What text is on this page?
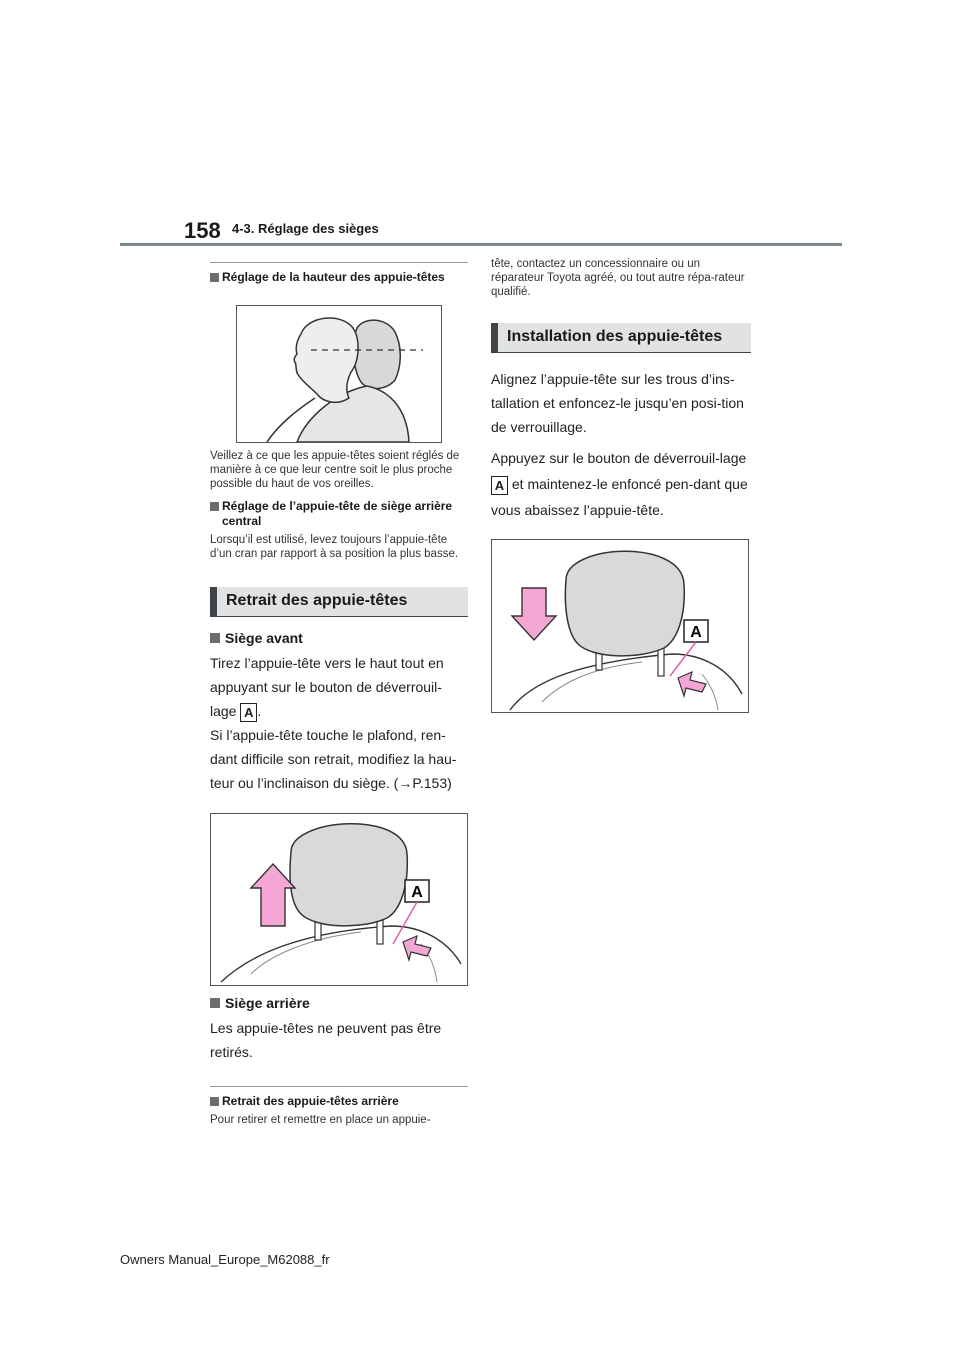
158 4-3. Réglage des sièges
Réglage de la hauteur des appuie-têtes
Veillez à ce que les appuie-têtes soient réglés de manière à ce que leur centre soit le plus proche possible du haut de vos oreilles.
Réglage de l’appuie-tête de siège arrière central
Lorsqu’il est utilisé, levez toujours l’appuie-tête d’un cran par rapport à sa position la plus basse.
Retrait des appuie-têtes
Siège avant
Tirez l’appuie-tête vers le haut tout en appuyant sur le bouton de déverrouil-lage A .
Si l’appuie-tête touche le plafond, ren-dant difficile son retrait, modifiez la hau-teur ou l’inclinaison du siège. (→P.153)
A
Siège arrière
Les appuie-têtes ne peuvent pas être retirés.
Retrait des appuie-têtes arrière
Pour retirer et remettre en place un appuie-
tête, contactez un concessionnaire ou un réparateur Toyota agréé, ou tout autre répa-rateur qualifié.
Installation des appuie-têtes
Alignez l’appuie-tête sur les trous d’ins-tallation et enfoncez-le jusqu’en posi-tion de verrouillage.
Appuyez sur le bouton de déverrouil-lage A et maintenez-le enfoncé pen-dant que vous abaissez l’appuie-tête.
A
Owners Manual_Europe_M62088_fr
